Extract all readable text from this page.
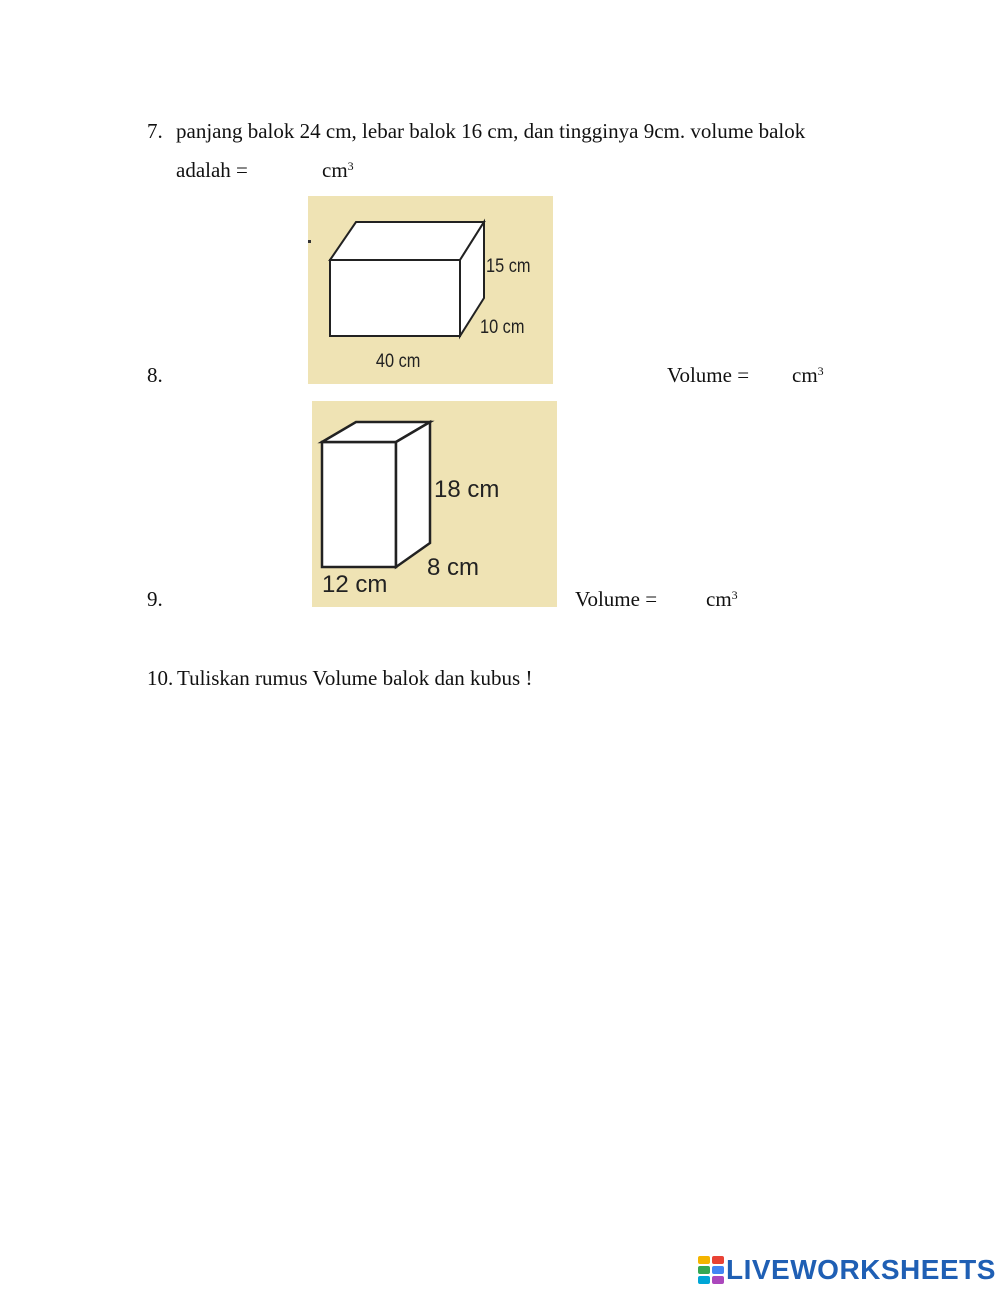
7. panjang balok 24 cm, lebar balok 16 cm, dan tingginya 9cm. volume balok
adalah =	$cm^3$
15 cm
10 cm
40 cm
8.	Volume = $cm^3$
18 cm
8 cm
12 cm
9.	Volume = $cm^3$
10. Tuliskan rumus Volume balok dan kubus !
LIVEWORKSHEETS
